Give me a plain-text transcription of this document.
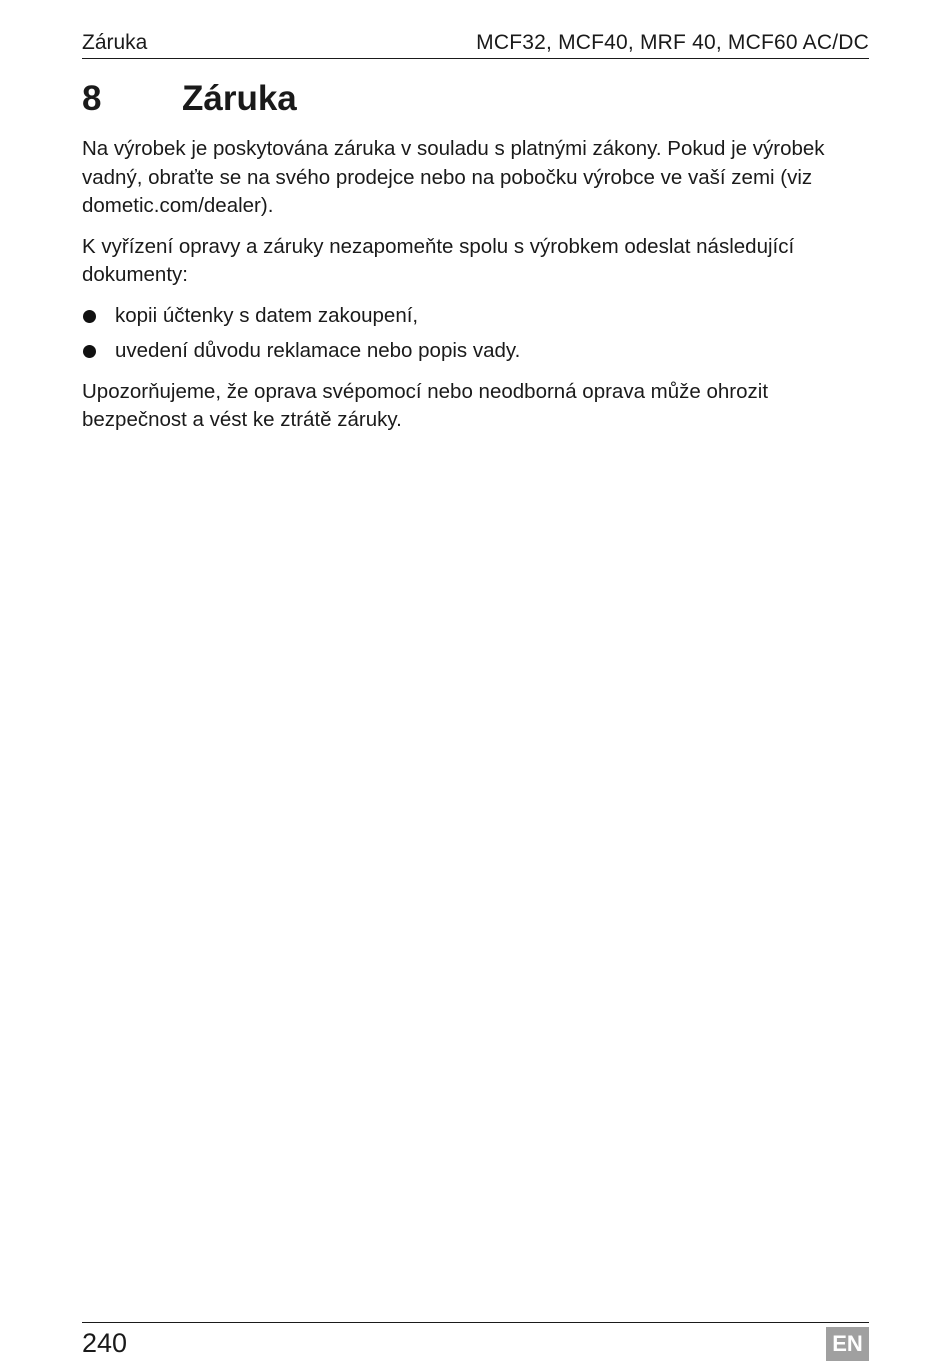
Záruka	MCF32, MCF40, MRF 40, MCF60 AC/DC
8 Záruka

Na výrobek je poskytována záruka v souladu s platnými zákony. Pokud je výrobek vadný, obraťte se na svého prodejce nebo na pobočku výrobce ve vaší zemi (viz dometic.com/dealer).

K vyřízení opravy a záruky nezapomeňte spolu s výrobkem odeslat následující dokumenty:

kopii účtenky s datem zakoupení,
uvedení důvodu reklamace nebo popis vady.

Upozorňujeme, že oprava svépomocí nebo neodborná oprava může ohrozit bezpečnost a vést ke ztrátě záruky.

240	EN
